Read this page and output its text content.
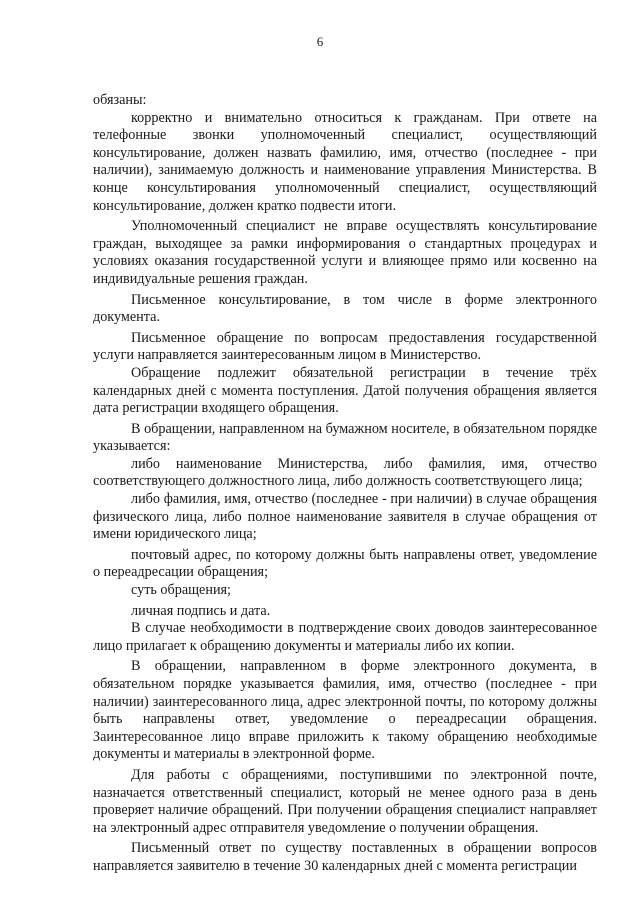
6

обязаны:

корректно и внимательно относиться к гражданам. При ответе на телефонные звонки уполномоченный специалист, осуществляющий консультирование, должен назвать фамилию, имя, отчество (последнее - при наличии), занимаемую должность и наименование управления Министерства. В конце консультирования уполномоченный специалист, осуществляющий консультирование, должен кратко подвести итоги.

Уполномоченный специалист не вправе осуществлять консультирование граждан, выходящее за рамки информирования о стандартных процедурах и условиях оказания государственной услуги и влияющее прямо или косвенно на индивидуальные решения граждан.

Письменное консультирование, в том числе в форме электронного документа.

Письменное обращение по вопросам предоставления государственной услуги направляется заинтересованным лицом в Министерство.

Обращение подлежит обязательной регистрации в течение трёх календарных дней с момента поступления. Датой получения обращения является дата регистрации входящего обращения.

В обращении, направленном на бумажном носителе, в обязательном порядке указывается:

либо наименование Министерства, либо фамилия, имя, отчество соответствующего должностного лица, либо должность соответствующего лица;

либо фамилия, имя, отчество (последнее - при наличии) в случае обращения физического лица, либо полное наименование заявителя в случае обращения от имени юридического лица;

почтовый адрес, по которому должны быть направлены ответ, уведомление о переадресации обращения;

суть обращения;

личная подпись и дата.

В случае необходимости в подтверждение своих доводов заинтересованное лицо прилагает к обращению документы и материалы либо их копии.

В обращении, направленном в форме электронного документа, в обязательном порядке указывается фамилия, имя, отчество (последнее - при наличии) заинтересованного лица, адрес электронной почты, по которому должны быть направлены ответ, уведомление о переадресации обращения. Заинтересованное лицо вправе приложить к такому обращению необходимые документы и материалы в электронной форме.

Для работы с обращениями, поступившими по электронной почте, назначается ответственный специалист, который не менее одного раза в день проверяет наличие обращений. При получении обращения специалист направляет на электронный адрес отправителя уведомление о получении обращения.

Письменный ответ по существу поставленных в обращении вопросов направляется заявителю в течение 30 календарных дней с момента регистрации
